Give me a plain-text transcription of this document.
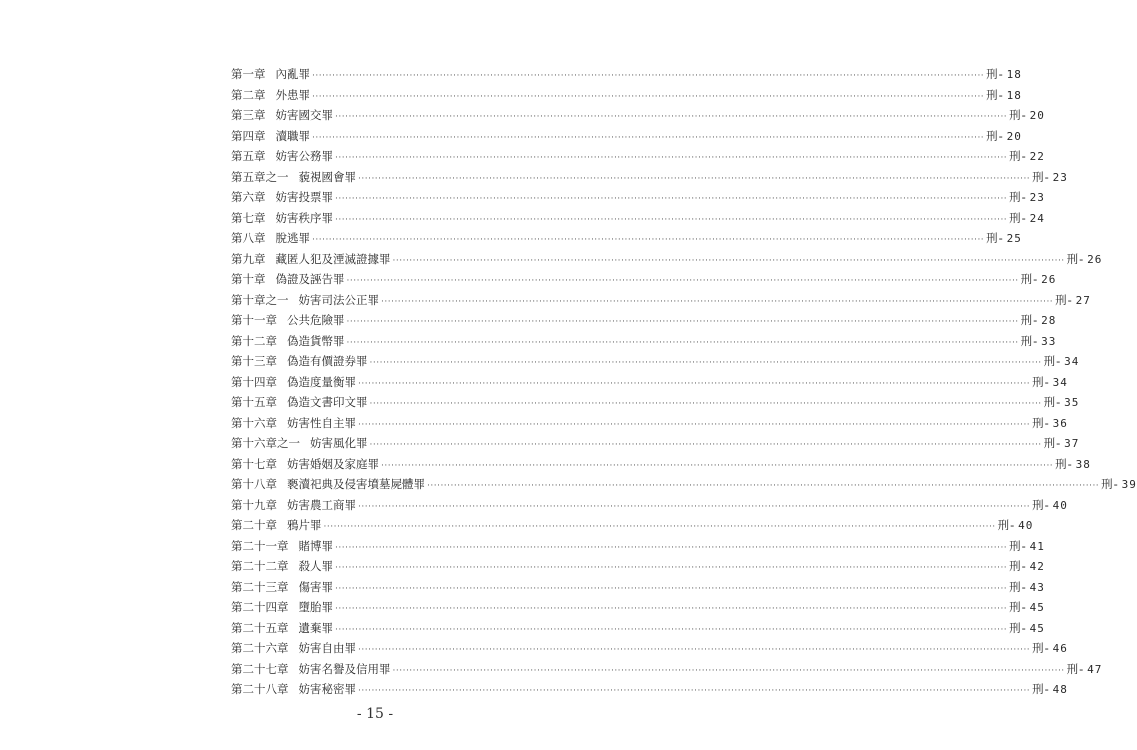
第一章 內亂罪 ········································································································································································································ 刑- 18
第二章 外患罪 ········································································································································································································ 刑- 18
第三章 妨害國交罪 ········································································································································································································ 刑- 20
第四章 瀆職罪 ········································································································································································································ 刑- 20
第五章 妨害公務罪 ········································································································································································································ 刑- 22
第五章之一 藐視國會罪 ········································································································································································································ 刑- 23
第六章 妨害投票罪 ········································································································································································································ 刑- 23
第七章 妨害秩序罪 ········································································································································································································ 刑- 24
第八章 脫逃罪 ········································································································································································································ 刑- 25
第九章 藏匿人犯及湮滅證據罪 ········································································································································································································ 刑- 26
第十章 偽證及誣告罪 ········································································································································································································ 刑- 26
第十章之一 妨害司法公正罪 ········································································································································································································ 刑- 27
第十一章 公共危險罪 ········································································································································································································ 刑- 28
第十二章 偽造貨幣罪 ········································································································································································································ 刑- 33
第十三章 偽造有價證券罪 ········································································································································································································ 刑- 34
第十四章 偽造度量衡罪 ········································································································································································································ 刑- 34
第十五章 偽造文書印文罪 ········································································································································································································ 刑- 35
第十六章 妨害性自主罪 ········································································································································································································ 刑- 36
第十六章之一 妨害風化罪 ········································································································································································································ 刑- 37
第十七章 妨害婚姻及家庭罪 ········································································································································································································ 刑- 38
第十八章 褻瀆祀典及侵害墳墓屍體罪 ········································································································································································································ 刑- 39
第十九章 妨害農工商罪 ········································································································································································································ 刑- 40
第二十章 鴉片罪 ········································································································································································································ 刑- 40
第二十一章 賭博罪 ········································································································································································································ 刑- 41
第二十二章 殺人罪 ········································································································································································································ 刑- 42
第二十三章 傷害罪 ········································································································································································································ 刑- 43
第二十四章 墮胎罪 ········································································································································································································ 刑- 45
第二十五章 遺棄罪 ········································································································································································································ 刑- 45
第二十六章 妨害自由罪 ········································································································································································································ 刑- 46
第二十七章 妨害名譽及信用罪 ········································································································································································································ 刑- 47
第二十八章 妨害秘密罪 ········································································································································································································ 刑- 48
- 15 -
